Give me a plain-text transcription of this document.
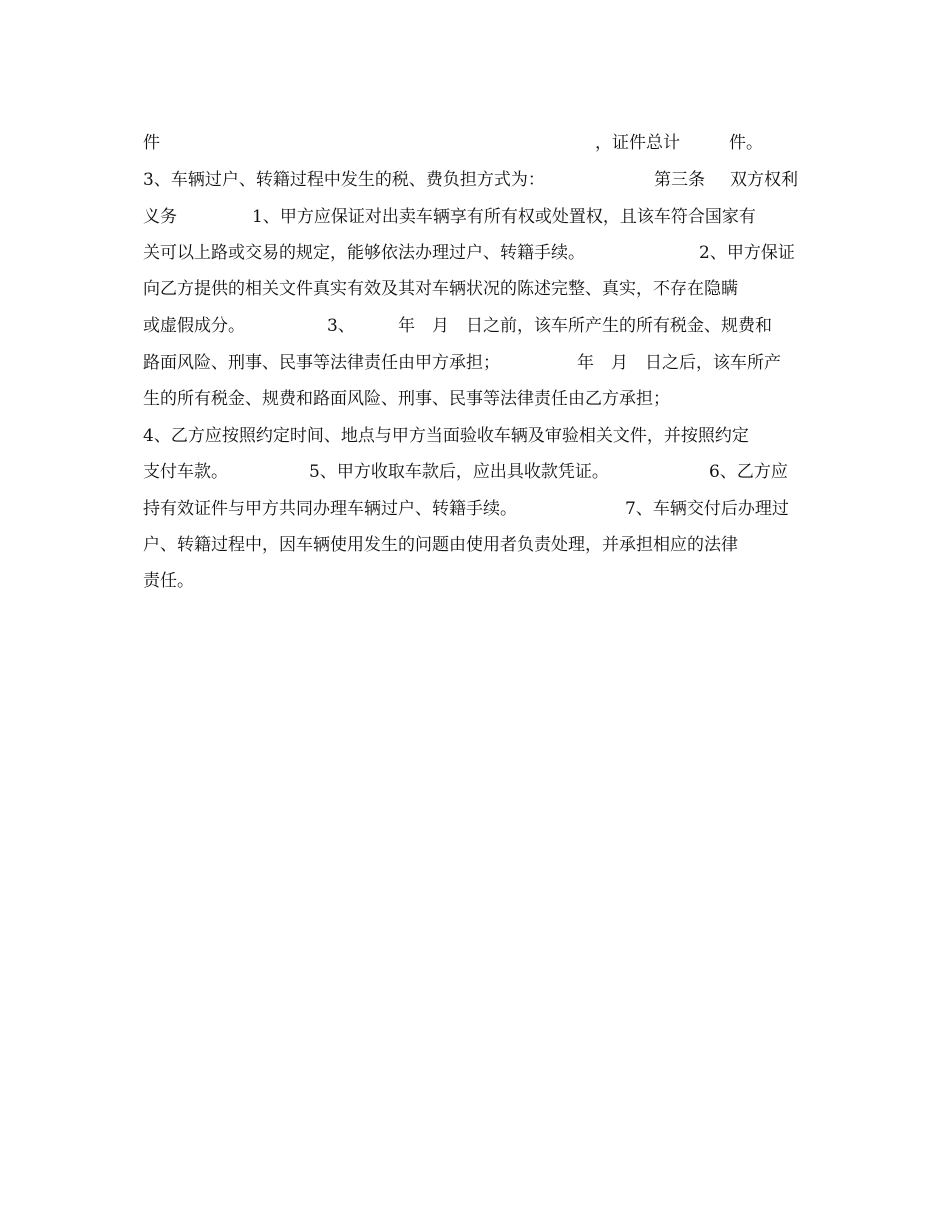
件

	，证件总计

	件。

3、车辆过户、转籍过程中发生的税、费负担方式为：

	第三条

双方权利

义务

	1、甲方应保证对出卖车辆享有所有权或处置权，且该车符合国家有

关可以上路或交易的规定，能够依法办理过户、转籍手续。

	2、甲方保证

向乙方提供的相关文件真实有效及其对车辆状况的陈述完整、真实，不存在隐瞒

或虚假成分。

	3、

	年

月

日之前，该车所产生的所有税金、规费和

路面风险、刑事、民事等法律责任由甲方承担；

	年

月

日之后，该车所产

生的所有税金、规费和路面风险、刑事、民事等法律责任由乙方承担；

4、乙方应按照约定时间、地点与甲方当面验收车辆及审验相关文件，并按照约定

支付车款。

	5、甲方收取车款后，应出具收款凭证。

	6、乙方应

持有效证件与甲方共同办理车辆过户、转籍手续。

	7、车辆交付后办理过

户、转籍过程中，因车辆使用发生的问题由使用者负责处理，并承担相应的法律

责任。
